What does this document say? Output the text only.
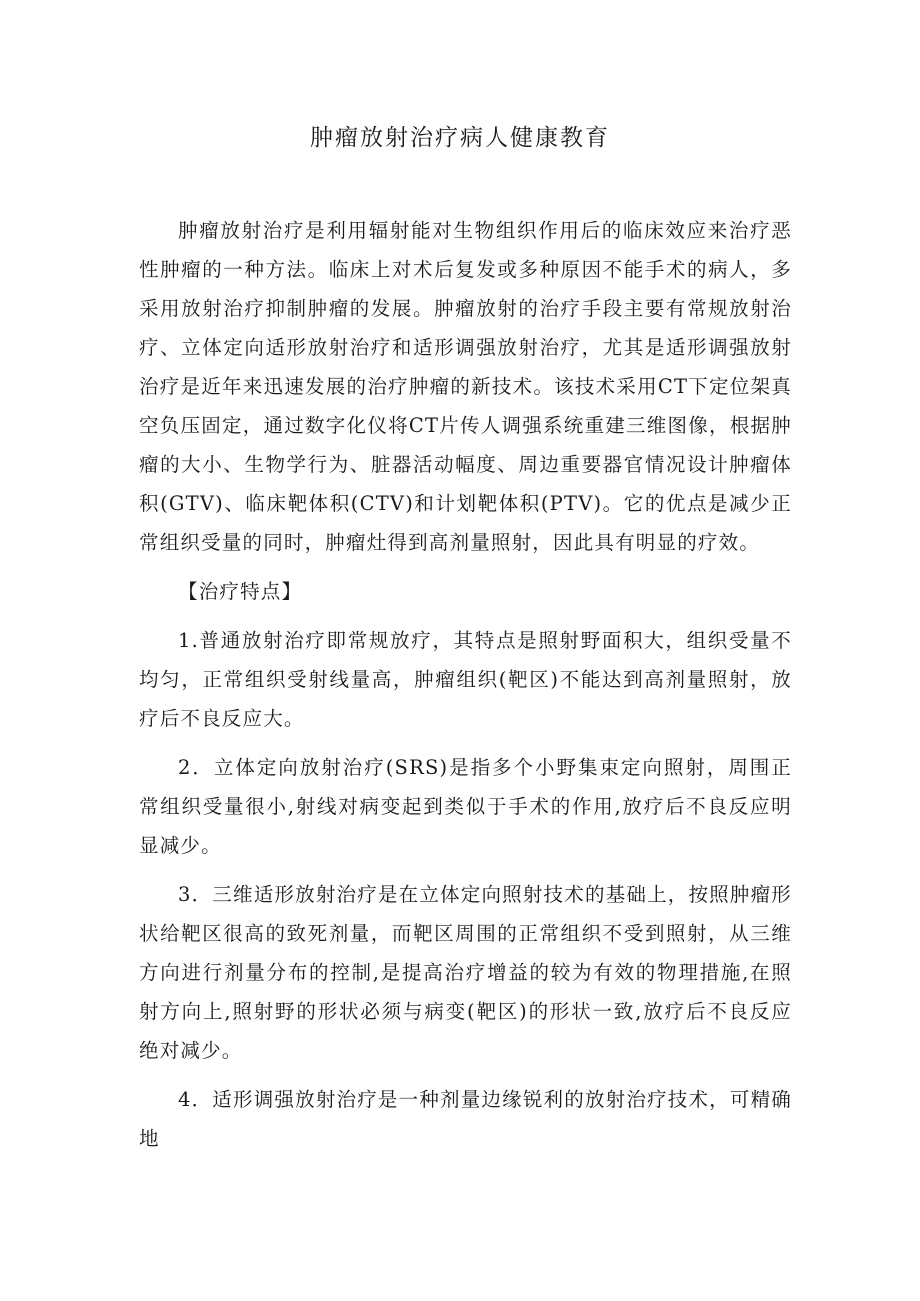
肿瘤放射治疗病人健康教育

肿瘤放射治疗是利用辐射能对生物组织作用后的临床效应来治疗恶性肿瘤的一种方法。临床上对术后复发或多种原因不能手术的病人，多采用放射治疗抑制肿瘤的发展。肿瘤放射的治疗手段主要有常规放射治疗、立体定向适形放射治疗和适形调强放射治疗，尤其是适形调强放射治疗是近年来迅速发展的治疗肿瘤的新技术。该技术采用CT下定位架真空负压固定，通过数字化仪将CT片传人调强系统重建三维图像，根据肿瘤的大小、生物学行为、脏器活动幅度、周边重要器官情况设计肿瘤体积(GTV)、临床靶体积(CTV)和计划靶体积(PTV)。它的优点是减少正常组织受量的同时，肿瘤灶得到高剂量照射，因此具有明显的疗效。

【治疗特点】

1.普通放射治疗即常规放疗，其特点是照射野面积大，组织受量不均匀，正常组织受射线量高，肿瘤组织(靶区)不能达到高剂量照射，放疗后不良反应大。

2．立体定向放射治疗(SRS)是指多个小野集束定向照射，周围正常组织受量很小,射线对病变起到类似于手术的作用,放疗后不良反应明显减少。

3．三维适形放射治疗是在立体定向照射技术的基础上，按照肿瘤形状给靶区很高的致死剂量，而靶区周围的正常组织不受到照射，从三维方向进行剂量分布的控制,是提高治疗增益的较为有效的物理措施,在照射方向上,照射野的形状必须与病变(靶区)的形状一致,放疗后不良反应绝对减少。

4．适形调强放射治疗是一种剂量边缘锐利的放射治疗技术，可精确地
